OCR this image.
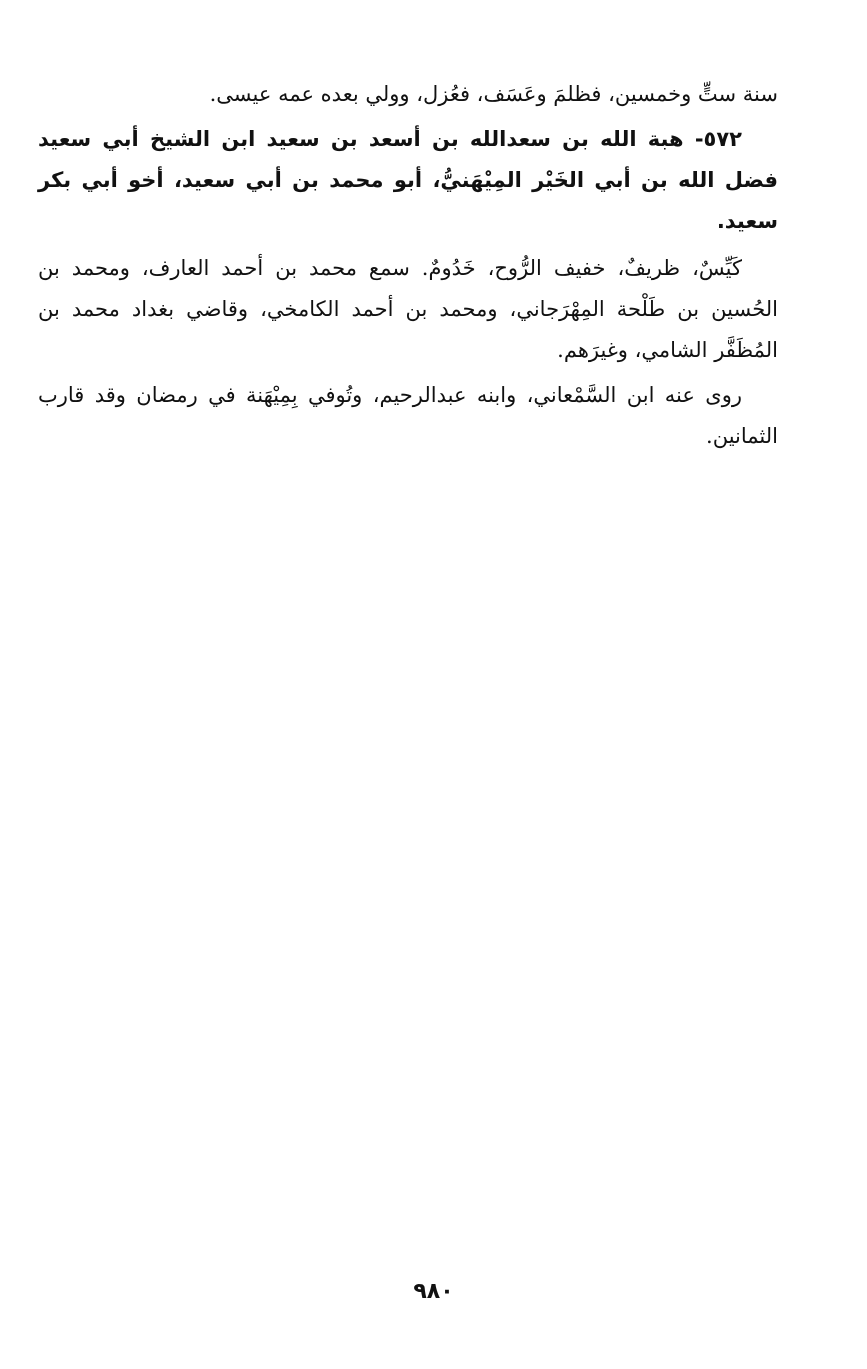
سنة ستٍّ وخمسين، فظلمَ وعَسَف، فعُزل، وولي بعده عمه عيسى.

٥٧٢- هبة الله بن سعدالله بن أسعد بن سعيد ابن الشيخ أبي سعيد فضل الله بن أبي الخَيْر المِيْهَنيُّ، أبو محمد بن أبي سعيد، أخو أبي بكر سعيد.

كَيِّسٌ، ظريفٌ، خفيف الرُّوح، خَدُومٌ. سمع محمد بن أحمد العارف، ومحمد بن الحُسين بن طَلْحة المِهْرَجاني، ومحمد بن أحمد الكامخي، وقاضي بغداد محمد بن المُظَفَّر الشامي، وغيرَهم.

روى عنه ابن السَّمْعاني، وابنه عبدالرحيم، وتُوفي بِمِيْهَنة في رمضان وقد قارب الثمانين.

٩٨٠
